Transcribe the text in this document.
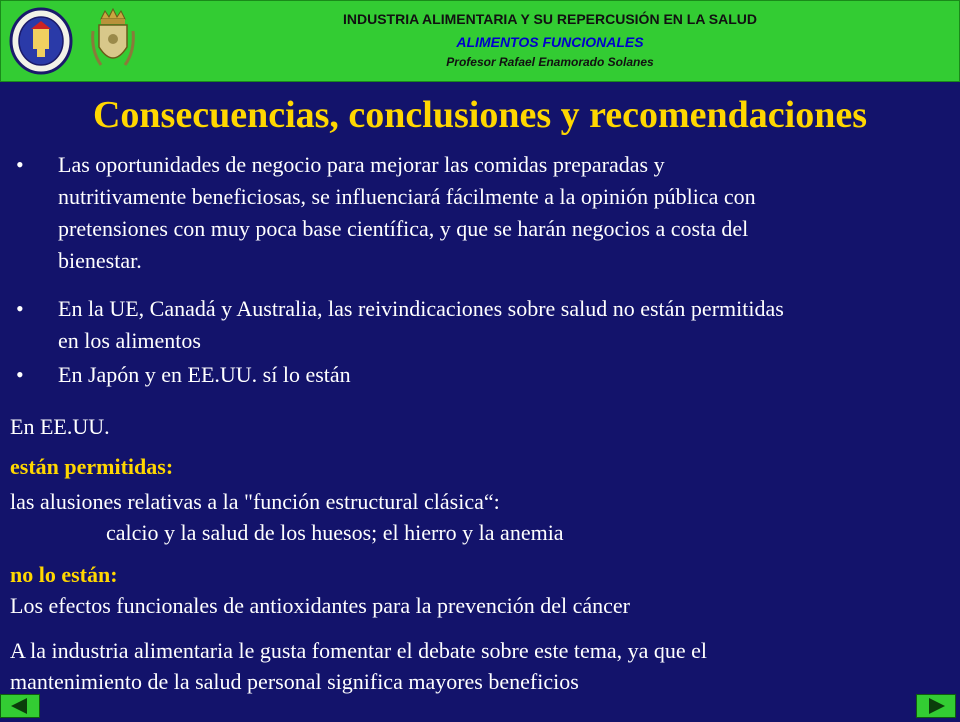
INDUSTRIA ALIMENTARIA Y SU REPERCUSIÓN EN LA SALUD
ALIMENTOS FUNCIONALES
Profesor Rafael Enamorado Solanes
Consecuencias, conclusiones y recomendaciones
• Las oportunidades de negocio para mejorar las comidas preparadas y
nutritivamente beneficiosas, se influenciará fácilmente a la opinión pública con
pretensiones con muy poca base científica, y que se harán negocios a costa del
bienestar.
• En la UE, Canadá y Australia, las reivindicaciones sobre salud no están permitidas
en los alimentos
• En Japón y en EE.UU. sí lo están
En EE.UU.
están permitidas:
las alusiones relativas a la "función estructural clásica“:
calcio y la salud de los huesos; el hierro y la anemia
no lo están:
Los efectos funcionales de antioxidantes para la prevención del cáncer
A la industria alimentaria le gusta fomentar el debate sobre este tema, ya que el
mantenimiento de la salud personal significa mayores beneficios
